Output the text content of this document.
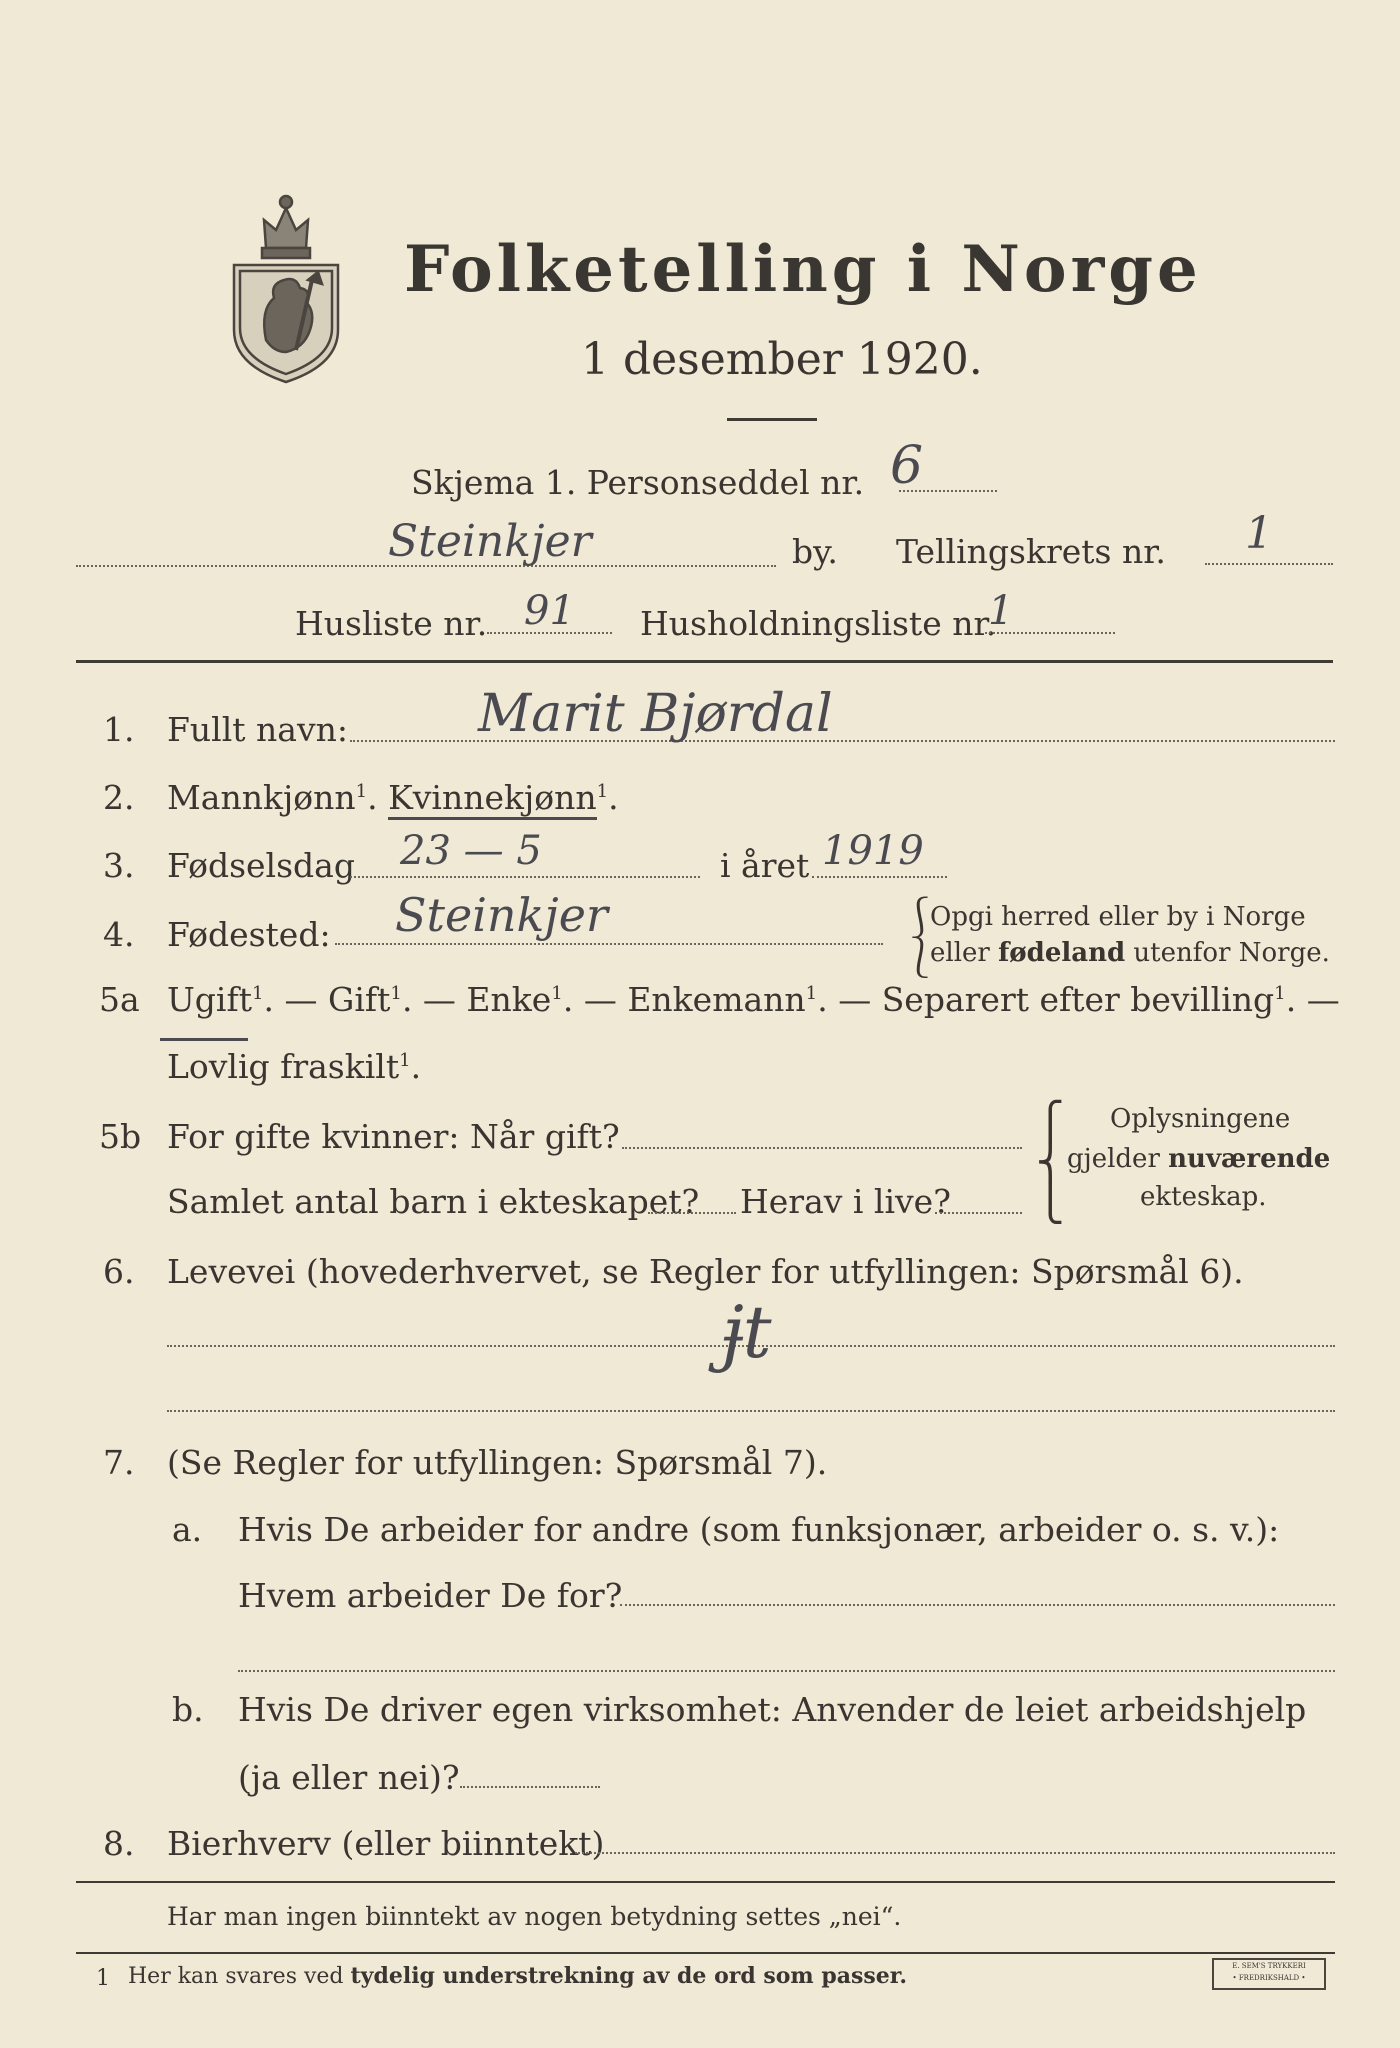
Folketelling i Norge
1 desember 1920.
Skjema 1. Personseddel nr. 6
Steinkjer	by. Tellingskrets nr. 1
Husliste nr. 91 Husholdningsliste nr.
1
1. Fullt navn:	Marit Bjørdal
2. Mannkjønn$^1$. Kvinnekjønn$^1$.
3. Fødselsdag 23 — 5	i året 1919
4. Fødested: Steinkjer	⎰
⎱
Opgi herred eller by i Norge
eller fødeland utenfor Norge.
5a Ugift$^1$. — Gift$^1$. — Enke$^1$. — Enkemann$^1$. — Separert efter bevilling$^1$. —
Lovlig fraskilt$^1$.
5b For gifte kvinner: Når gift?
Samlet antal barn i ekteskapet? Herav i live?
⎧
⎨
⎩
Oplysningene
gjelder nuværende
ekteskap.
6. Levevei (hovederhvervet, se Regler for utfyllingen: Spørsmål 6).
ɉt
7. (Se Regler for utfyllingen: Spørsmål 7).
a. Hvis De arbeider for andre (som funksjonær, arbeider o. s. v.):
Hvem arbeider De for?
b. Hvis De driver egen virksomhet: Anvender de leiet arbeidshjelp
(ja eller nei)?
8. Bierhverv (eller biinntekt)
Har man ingen biinntekt av nogen betydning settes „nei“.
1 Her kan svares ved tydelig understrekning av de ord som passer.	E. SEM'S TRYKKERI
• FREDRIKSHALD •
